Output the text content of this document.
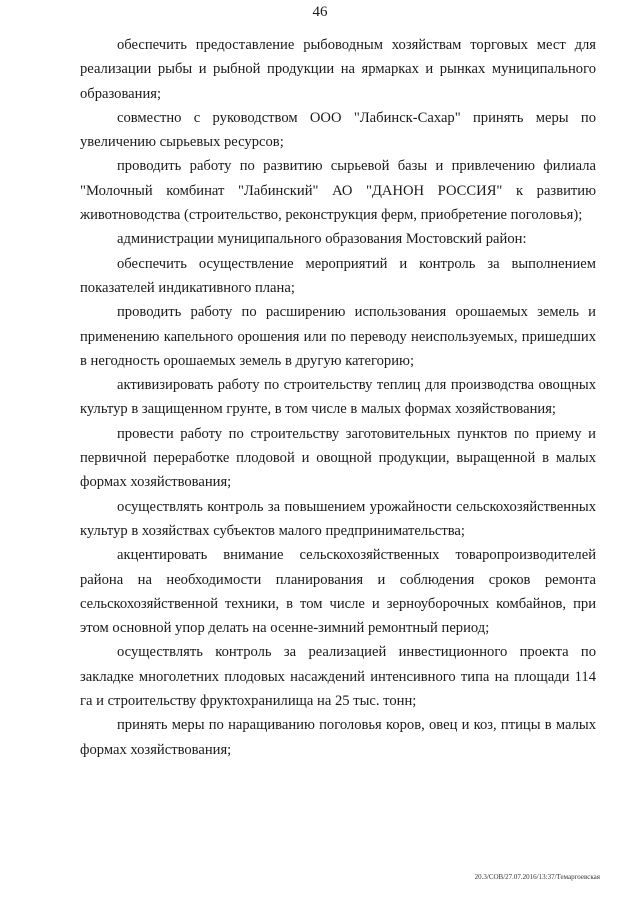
46

обеспечить предоставление рыбоводным хозяйствам торговых мест для реализации рыбы и рыбной продукции на ярмарках и рынках муниципального образования;

совместно с руководством ООО "Лабинск-Сахар" принять меры по увеличению сырьевых ресурсов;

проводить работу по развитию сырьевой базы и привлечению филиала "Молочный комбинат "Лабинский" АО "ДАНОН РОССИЯ" к развитию животноводства (строительство, реконструкция ферм, приобретение поголовья);

администрации муниципального образования Мостовский район:

обеспечить осуществление мероприятий и контроль за выполнением показателей индикативного плана;

проводить работу по расширению использования орошаемых земель и применению капельного орошения или по переводу неиспользуемых, пришедших в негодность орошаемых земель в другую категорию;

активизировать работу по строительству теплиц для производства овощных культур в защищенном грунте, в том числе в малых формах хозяйствования;

провести работу по строительству заготовительных пунктов по приему и первичной переработке плодовой и овощной продукции, выращенной в малых формах хозяйствования;

осуществлять контроль за повышением урожайности сельскохозяйственных культур в хозяйствах субъектов малого предпринимательства;

акцентировать внимание сельскохозяйственных товаропроизводителей района на необходимости планирования и соблюдения сроков ремонта сельскохозяйственной техники, в том числе и зерноуборочных комбайнов, при этом основной упор делать на осенне-зимний ремонтный период;

осуществлять контроль за реализацией инвестиционного проекта по закладке многолетних плодовых насаждений интенсивного типа на площади 114 га и строительству фруктохранилища на 25 тыс. тонн;

принять меры по наращиванию поголовья коров, овец и коз, птицы в малых формах хозяйствования;

20.3/СОВ/27.07.2016/13:37/Темаргоевская
